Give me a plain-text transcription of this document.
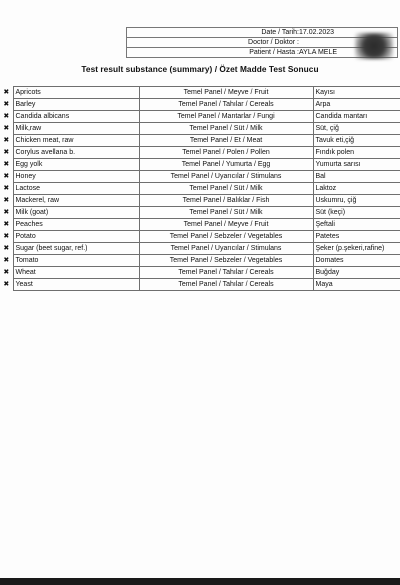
Date / Tarih: 17.02.2023
Doctor / Doktor :
Patient / Hasta : AYLA MELE
Test result substance (summary) / Özet Madde Test Sonucu
✖	Apricots	Temel Panel / Meyve / Fruit	Kayısı
✖	Barley	Temel Panel / Tahılar / Cereals	Arpa
✖	Candida albicans	Temel Panel / Mantarlar / Fungi	Candida mantarı
✖	Milk,raw	Temel Panel / Süt / Milk	Süt, çiğ
✖	Chicken meat, raw	Temel Panel / Et / Meat	Tavuk eti,çiğ
✖	Corylus avellana b.	Temel Panel / Polen / Pollen	Fındık polen
✖	Egg yolk	Temel Panel / Yumurta / Egg	Yumurta sarısı
✖	Honey	Temel Panel / Uyarıcılar / Stimulans	Bal
✖	Lactose	Temel Panel / Süt / Milk	Laktoz
✖	Mackerel, raw	Temel Panel / Balıklar / Fish	Uskumru, çiğ
✖	Milk (goat)	Temel Panel / Süt / Milk	Süt (keçi)
✖	Peaches	Temel Panel / Meyve / Fruit	Şeftali
✖	Potato	Temel Panel / Sebzeler / Vegetables	Patetes
✖	Sugar (beet sugar, ref.)	Temel Panel / Uyarıcılar / Stimulans	Şeker (p.şekeri,rafine)
✖	Tomato	Temel Panel / Sebzeler / Vegetables	Domates
✖	Wheat	Temel Panel / Tahılar / Cereals	Buğday
✖	Yeast	Temel Panel / Tahılar / Cereals	Maya
